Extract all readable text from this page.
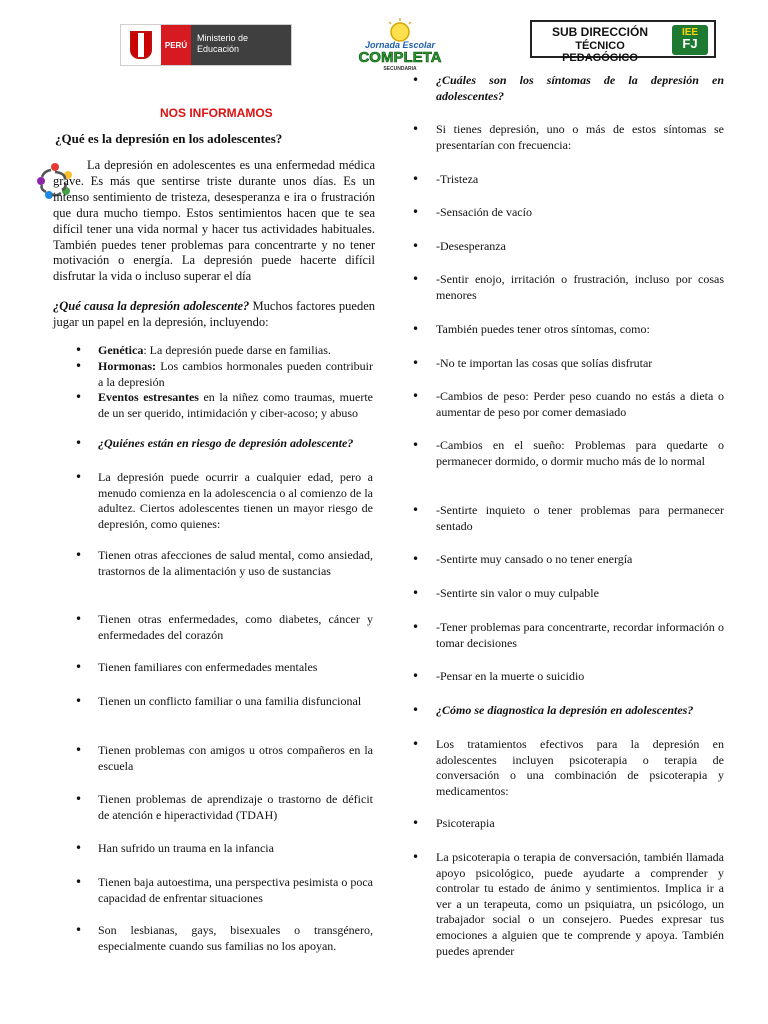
PERÚ
Ministerio de
Educación	Jornada Escolar
COMPLETA
SECUNDARIA
SUB DIRECCIÓN
TÉCNICO PEDAGÓGICO
IEE
FJ
NOS INFORMAMOS
¿Qué es la depresión en los adolescentes?
La depresión en adolescentes es una enfermedad médica grave. Es más que sentirse triste durante unos días. Es un intenso sentimiento de tristeza, desesperanza e ira o frustración que dura mucho tiempo. Estos sentimientos hacen que te sea difícil tener una vida normal y hacer tus actividades habituales. También puedes tener problemas para concentrarte y no tener motivación o energía. La depresión puede hacerte difícil disfrutar la vida o incluso superar el día
¿Qué causa la depresión adolescente? Muchos factores pueden jugar un papel en la depresión, incluyendo:
• Genética: La depresión puede darse en familias.
• Hormonas: Los cambios hormonales pueden contribuir a la depresión
• Eventos estresantes en la niñez como traumas, muerte de un ser querido, intimidación y ciber-acoso; y abuso
• ¿Quiénes están en riesgo de depresión adolescente?
• La depresión puede ocurrir a cualquier edad, pero a menudo comienza en la adolescencia o al comienzo de la adultez. Ciertos adolescentes tienen un mayor riesgo de depresión, como quienes:
• Tienen otras afecciones de salud mental, como ansiedad, trastornos de la alimentación y uso de sustancias
• Tienen otras enfermedades, como diabetes, cáncer y enfermedades del corazón
• Tienen familiares con enfermedades mentales
• Tienen un conflicto familiar o una familia disfuncional
• Tienen problemas con amigos u otros compañeros en la escuela
• Tienen problemas de aprendizaje o trastorno de déficit de atención e hiperactividad (TDAH)
• Han sufrido un trauma en la infancia
• Tienen baja autoestima, una perspectiva pesimista o poca capacidad de enfrentar situaciones
• Son lesbianas, gays, bisexuales o transgénero, especialmente cuando sus familias no los apoyan.
• ¿Cuáles son los síntomas de la depresión en adolescentes?
• Si tienes depresión, uno o más de estos síntomas se presentarían con frecuencia:
• -Tristeza
• -Sensación de vacío
• -Desesperanza
• -Sentir enojo, irritación o frustración, incluso por cosas menores
• También puedes tener otros síntomas, como:
• -No te importan las cosas que solías disfrutar
• -Cambios de peso: Perder peso cuando no estás a dieta o aumentar de peso por comer demasiado
• -Cambios en el sueño: Problemas para quedarte o permanecer dormido, o dormir mucho más de lo normal
• -Sentirte inquieto o tener problemas para permanecer sentado
• -Sentirte muy cansado o no tener energía
• -Sentirte sin valor o muy culpable
• -Tener problemas para concentrarte, recordar información o tomar decisiones
• -Pensar en la muerte o suicidio
• ¿Cómo se diagnostica la depresión en adolescentes?
• Los tratamientos efectivos para la depresión en adolescentes incluyen psicoterapia o terapia de conversación o una combinación de psicoterapia y medicamentos:
• Psicoterapia
• La psicoterapia o terapia de conversación, también llamada apoyo psicológico, puede ayudarte a comprender y controlar tu estado de ánimo y sentimientos. Implica ir a ver a un terapeuta, como un psiquiatra, un psicólogo, un trabajador social o un consejero. Puedes expresar tus emociones a alguien que te comprende y apoya. También puedes aprender
